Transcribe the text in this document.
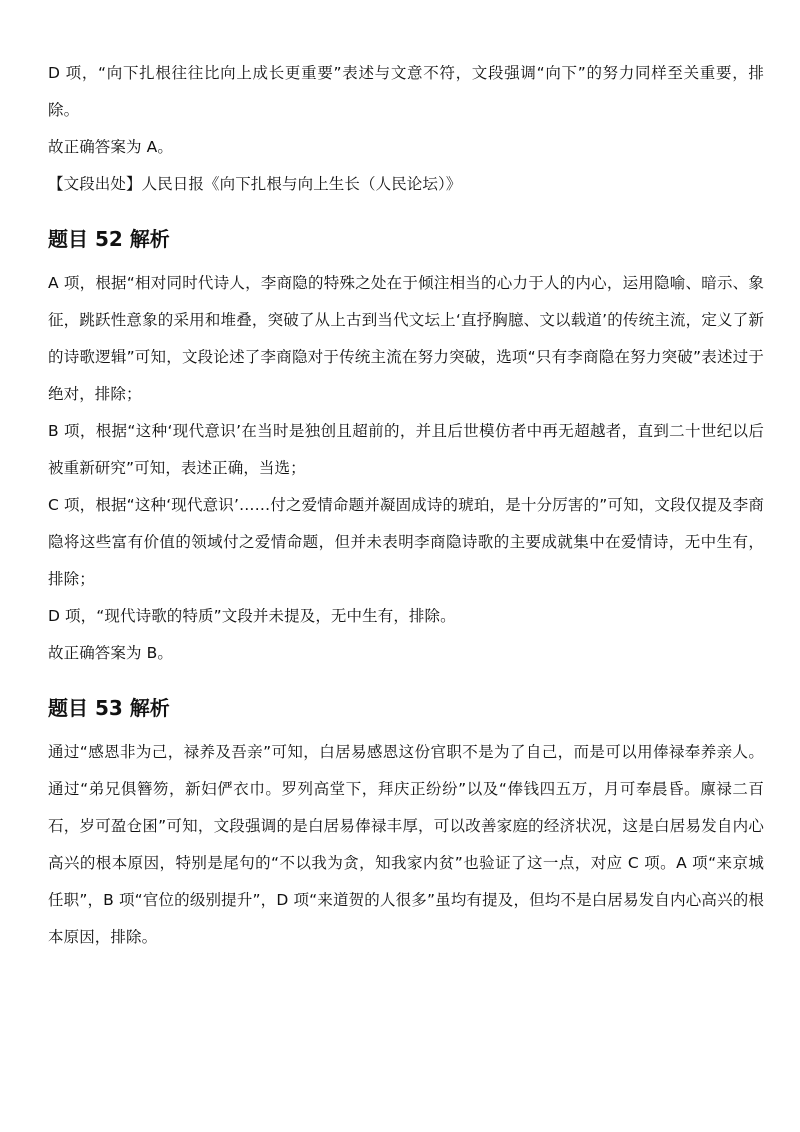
D 项，“向下扎根往往比向上成长更重要”表述与文意不符，文段强调“向下”的努力同样至关重要，排除。

故正确答案为 A。

【文段出处】人民日报《向下扎根与向上生长（人民论坛）》

题目 52 解析

A 项，根据“相对同时代诗人，李商隐的特殊之处在于倾注相当的心力于人的内心，运用隐喻、暗示、象征，跳跃性意象的采用和堆叠，突破了从上古到当代文坛上‘直抒胸臆、文以载道’的传统主流，定义了新的诗歌逻辑”可知，文段论述了李商隐对于传统主流在努力突破，选项“只有李商隐在努力突破”表述过于绝对，排除；

B 项，根据“这种‘现代意识’在当时是独创且超前的，并且后世模仿者中再无超越者，直到二十世纪以后被重新研究”可知，表述正确，当选；

C 项，根据“这种‘现代意识’……付之爱情命题并凝固成诗的琥珀，是十分厉害的”可知，文段仅提及李商隐将这些富有价值的领域付之爱情命题，但并未表明李商隐诗歌的主要成就集中在爱情诗，无中生有，排除；

D 项，“现代诗歌的特质”文段并未提及，无中生有，排除。

故正确答案为 B。

题目 53 解析

通过“感恩非为己，禄养及吾亲”可知，白居易感恩这份官职不是为了自己，而是可以用俸禄奉养亲人。通过“弟兄俱簪笏，新妇俨衣巾。罗列高堂下，拜庆正纷纷”以及“俸钱四五万，月可奉晨昏。廪禄二百石，岁可盈仓囷”可知，文段强调的是白居易俸禄丰厚，可以改善家庭的经济状况，这是白居易发自内心高兴的根本原因，特别是尾句的“不以我为贪，知我家内贫”也验证了这一点，对应 C 项。A 项“来京城任职”，B 项“官位的级别提升”，D 项“来道贺的人很多”虽均有提及，但均不是白居易发自内心高兴的根本原因，排除。
